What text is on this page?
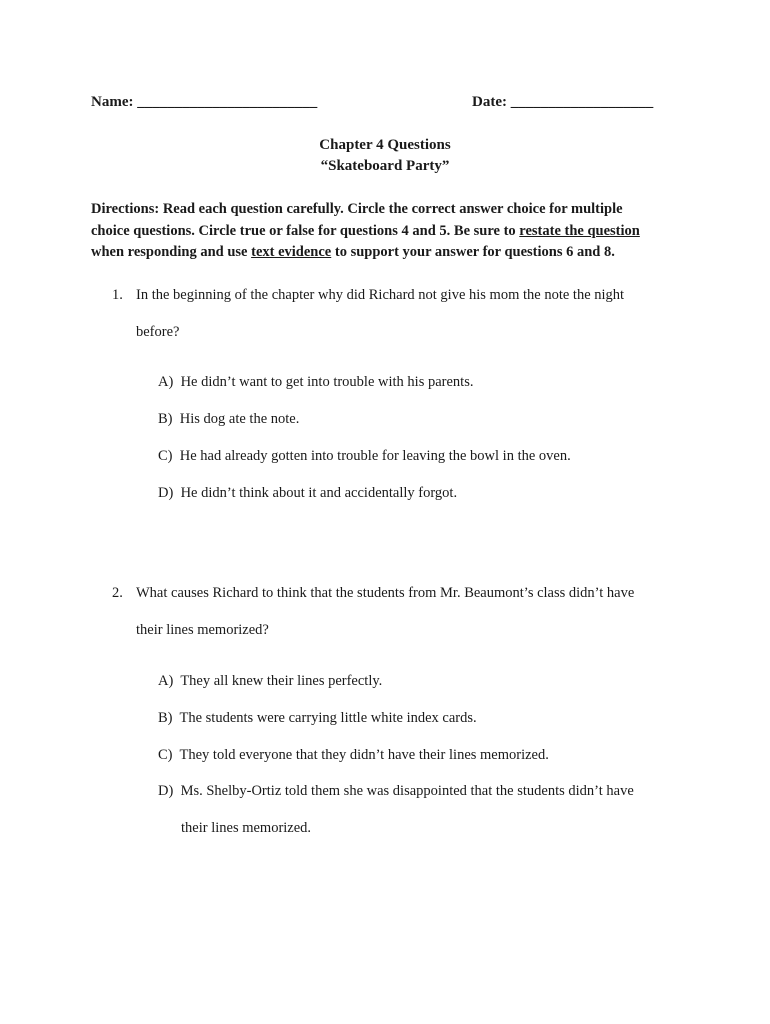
Name: ________________________	Date: ___________________
Chapter 4 Questions
“Skateboard Party”
Directions: Read each question carefully. Circle the correct answer choice for multiple
choice questions. Circle true or false for questions 4 and 5. Be sure to restate the question
when responding and use text evidence to support your answer for questions 6 and 8.
1. In the beginning of the chapter why did Richard not give his mom the note the night
before?
A) He didn’t want to get into trouble with his parents.
B) His dog ate the note.
C) He had already gotten into trouble for leaving the bowl in the oven.
D) He didn’t think about it and accidentally forgot.
2. What causes Richard to think that the students from Mr. Beaumont’s class didn’t have
their lines memorized?
A) They all knew their lines perfectly.
B) The students were carrying little white index cards.
C) They told everyone that they didn’t have their lines memorized.
D) Ms. Shelby-Ortiz told them she was disappointed that the students didn’t have
their lines memorized.
